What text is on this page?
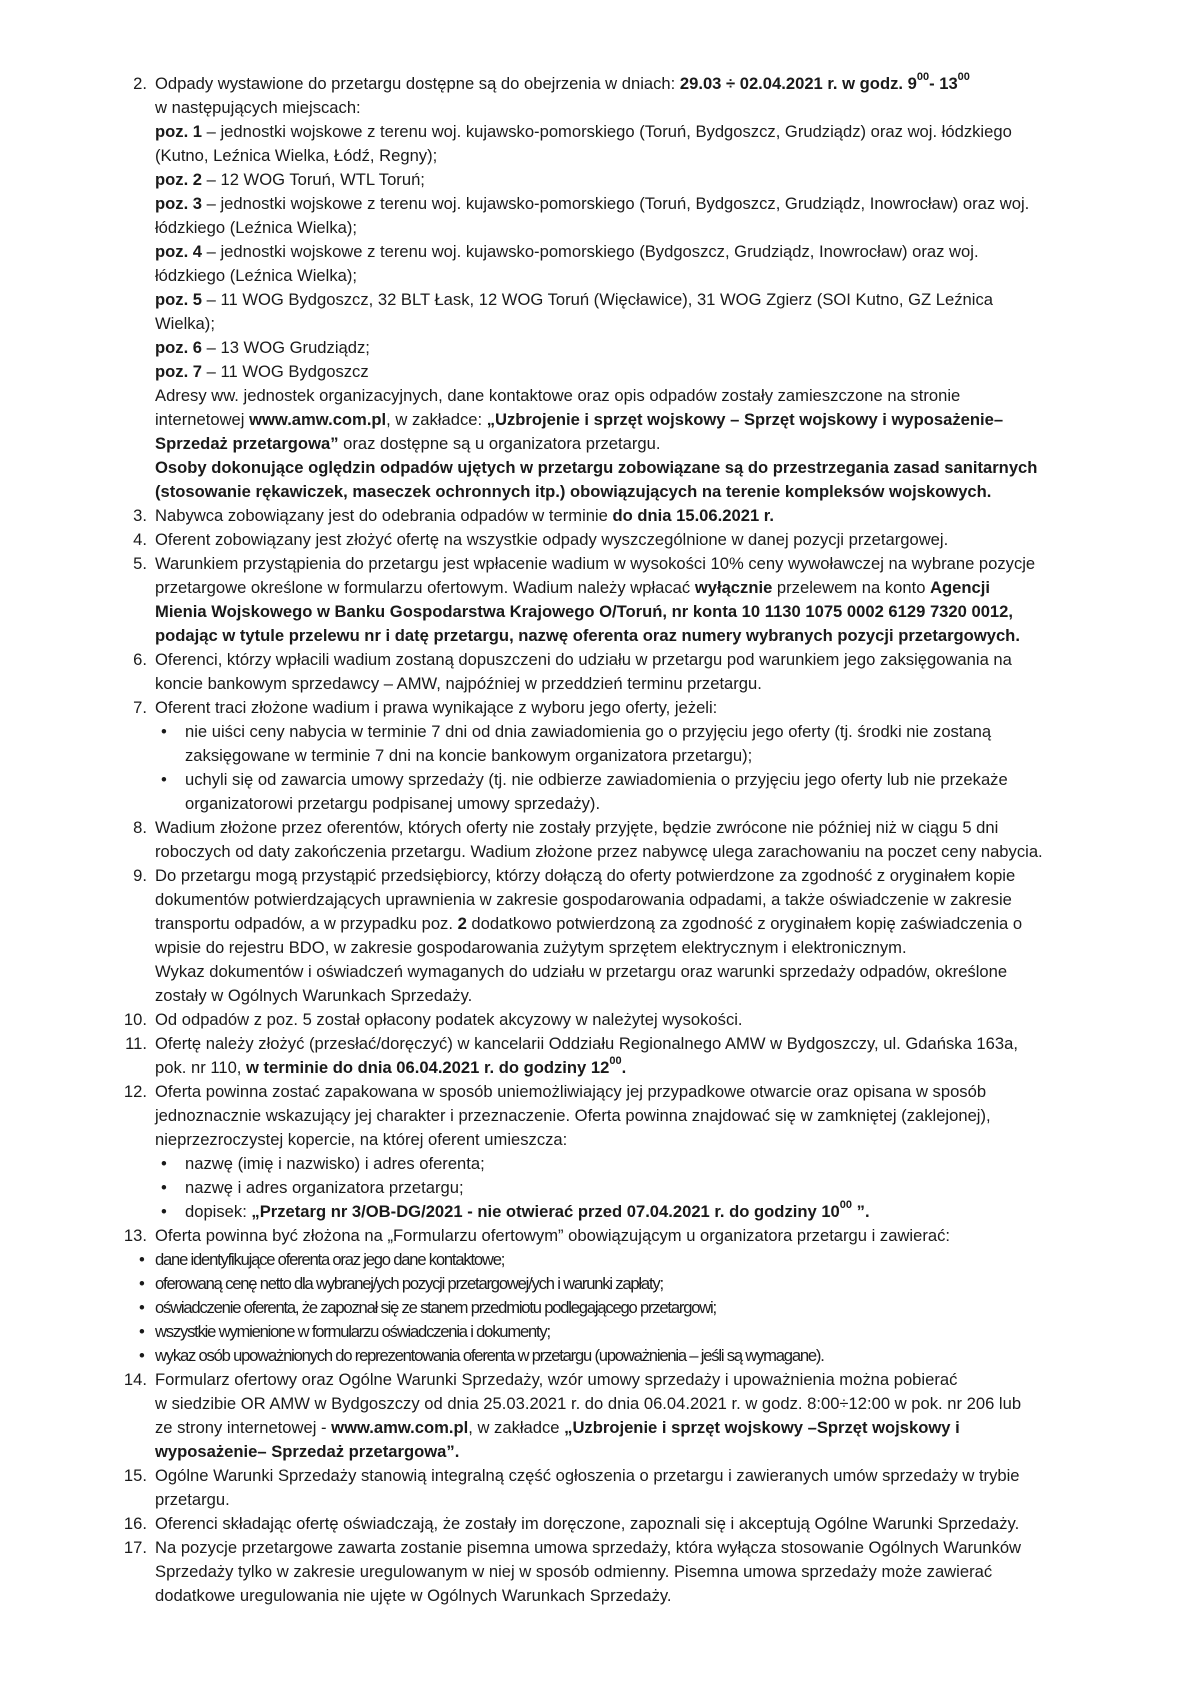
2. Odpady wystawione do przetargu dostępne są do obejrzenia w dniach: 29.03 ÷ 02.04.2021 r. w godz. $9^{00}-$ $13^{00}$
w następujących miejscach:
poz. 1 – jednostki wojskowe z terenu woj. kujawsko-pomorskiego (Toruń, Bydgoszcz, Grudziądz) oraz woj. łódzkiego
(Kutno, Leźnica Wielka, Łódź, Regny);
poz. 2 – 12 WOG Toruń, WTL Toruń;
poz. 3 – jednostki wojskowe z terenu woj. kujawsko-pomorskiego (Toruń, Bydgoszcz, Grudziądz, Inowrocław) oraz woj.
łódzkiego (Leźnica Wielka);
poz. 4 – jednostki wojskowe z terenu woj. kujawsko-pomorskiego (Bydgoszcz, Grudziądz, Inowrocław) oraz woj.
łódzkiego (Leźnica Wielka);
poz. 5 – 11 WOG Bydgoszcz, 32 BLT Łask, 12 WOG Toruń (Więcławice), 31 WOG Zgierz (SOI Kutno, GZ Leźnica
Wielka);
poz. 6 – 13 WOG Grudziądz;
poz. 7 – 11 WOG Bydgoszcz
Adresy ww. jednostek organizacyjnych, dane kontaktowe oraz opis odpadów zostały zamieszczone na stronie
internetowej www.amw.com.pl, w zakładce: „Uzbrojenie i sprzęt wojskowy – Sprzęt wojskowy i wyposażenie–
Sprzedaż przetargowa” oraz dostępne są u organizatora przetargu.
Osoby dokonujące oględzin odpadów ujętych w przetargu zobowiązane są do przestrzegania zasad sanitarnych
(stosowanie rękawiczek, maseczek ochronnych itp.) obowiązujących na terenie kompleksów wojskowych.
3. Nabywca zobowiązany jest do odebrania odpadów w terminie do dnia 15.06.2021 r.
4. Oferent zobowiązany jest złożyć ofertę na wszystkie odpady wyszczególnione w danej pozycji przetargowej.
5. Warunkiem przystąpienia do przetargu jest wpłacenie wadium w wysokości 10% ceny wywoławczej na wybrane pozycje
przetargowe określone w formularzu ofertowym. Wadium należy wpłacać wyłącznie przelewem na konto Agencji
Mienia Wojskowego w Banku Gospodarstwa Krajowego O/Toruń, nr konta 10 1130 1075 0002 6129 7320 0012,
podając w tytule przelewu nr i datę przetargu, nazwę oferenta oraz numery wybranych pozycji przetargowych.
6. Oferenci, którzy wpłacili wadium zostaną dopuszczeni do udziału w przetargu pod warunkiem jego zaksięgowania na
koncie bankowym sprzedawcy – AMW, najpóźniej w przeddzień terminu przetargu.
7. Oferent traci złożone wadium i prawa wynikające z wyboru jego oferty, jeżeli:
• nie uiści ceny nabycia w terminie 7 dni od dnia zawiadomienia go o przyjęciu jego oferty (tj. środki nie zostaną
zaksięgowane w terminie 7 dni na koncie bankowym organizatora przetargu);
• uchyli się od zawarcia umowy sprzedaży (tj. nie odbierze zawiadomienia o przyjęciu jego oferty lub nie przekaże
organizatorowi przetargu podpisanej umowy sprzedaży).
8. Wadium złożone przez oferentów, których oferty nie zostały przyjęte, będzie zwrócone nie później niż w ciągu 5 dni
roboczych od daty zakończenia przetargu. Wadium złożone przez nabywcę ulega zarachowaniu na poczet ceny nabycia.
9. Do przetargu mogą przystąpić przedsiębiorcy, którzy dołączą do oferty potwierdzone za zgodność z oryginałem kopie
dokumentów potwierdzających uprawnienia w zakresie gospodarowania odpadami, a także oświadczenie w zakresie
transportu odpadów, a w przypadku poz. 2 dodatkowo potwierdzoną za zgodność z oryginałem kopię zaświadczenia o
wpisie do rejestru BDO, w zakresie gospodarowania zużytym sprzętem elektrycznym i elektronicznym.
Wykaz dokumentów i oświadczeń wymaganych do udziału w przetargu oraz warunki sprzedaży odpadów, określone
zostały w Ogólnych Warunkach Sprzedaży.
10. Od odpadów z poz. 5 został opłacony podatek akcyzowy w należytej wysokości.
11. Ofertę należy złożyć (przesłać/doręczyć) w kancelarii Oddziału Regionalnego AMW w Bydgoszczy, ul. Gdańska 163a,
pok. nr 110, w terminie do dnia 06.04.2021 r. do godziny $12^{00}$.
12. Oferta powinna zostać zapakowana w sposób uniemożliwiający jej przypadkowe otwarcie oraz opisana w sposób
jednoznacznie wskazujący jej charakter i przeznaczenie. Oferta powinna znajdować się w zamkniętej (zaklejonej),
nieprzezroczystej kopercie, na której oferent umieszcza:
• nazwę (imię i nazwisko) i adres oferenta;
• nazwę i adres organizatora przetargu;
• dopisek: „Przetarg nr 3/OB-DG/2021 - nie otwierać przed 07.04.2021 r. do godziny $10^{00}$ ”.
13. Oferta powinna być złożona na „Formularzu ofertowym” obowiązującym u organizatora przetargu i zawierać:
• dane identyfikujące oferenta oraz jego dane kontaktowe;
• oferowaną cenę netto dla wybranej/ych pozycji przetargowej/ych i warunki zapłaty;
• oświadczenie oferenta, że zapoznał się ze stanem przedmiotu podlegającego przetargowi;
• wszystkie wymienione w formularzu oświadczenia i dokumenty;
• wykaz osób upoważnionych do reprezentowania oferenta w przetargu (upoważnienia – jeśli są wymagane).
14. Formularz ofertowy oraz Ogólne Warunki Sprzedaży, wzór umowy sprzedaży i upoważnienia można pobierać
w siedzibie OR AMW w Bydgoszczy od dnia 25.03.2021 r. do dnia 06.04.2021 r. w godz. 8:00÷12:00 w pok. nr 206 lub
ze strony internetowej - www.amw.com.pl, w zakładce „Uzbrojenie i sprzęt wojskowy –Sprzęt wojskowy i
wyposażenie– Sprzedaż przetargowa”.
15. Ogólne Warunki Sprzedaży stanowią integralną część ogłoszenia o przetargu i zawieranych umów sprzedaży w trybie
przetargu.
16. Oferenci składając ofertę oświadczają, że zostały im doręczone, zapoznali się i akceptują Ogólne Warunki Sprzedaży.
17. Na pozycje przetargowe zawarta zostanie pisemna umowa sprzedaży, która wyłącza stosowanie Ogólnych Warunków
Sprzedaży tylko w zakresie uregulowanym w niej w sposób odmienny. Pisemna umowa sprzedaży może zawierać
dodatkowe uregulowania nie ujęte w Ogólnych Warunkach Sprzedaży.
